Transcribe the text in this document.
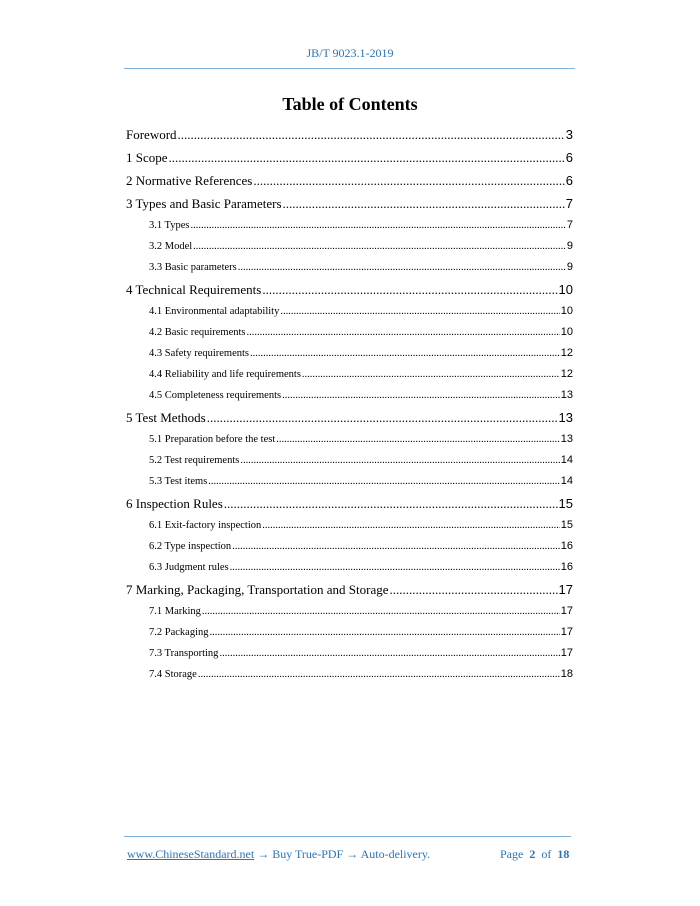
JB/T 9023.1-2019
Table of Contents
Foreword .....	3
1 Scope .....	6
2 Normative References .....	6
3 Types and Basic Parameters .....	7
3.1 Types .....	7
3.2 Model .....	9
3.3 Basic parameters .....	9
4 Technical Requirements .....	10
4.1 Environmental adaptability .....	10
4.2 Basic requirements .....	10
4.3 Safety requirements .....	12
4.4 Reliability and life requirements .....	12
4.5 Completeness requirements .....	13
5 Test Methods .....	13
5.1 Preparation before the test .....	13
5.2 Test requirements .....	14
5.3 Test items .....	14
6 Inspection Rules .....	15
6.1 Exit-factory inspection .....	15
6.2 Type inspection .....	16
6.3 Judgment rules .....	16
7 Marking, Packaging, Transportation and Storage .....	17
7.1 Marking .....	17
7.2 Packaging .....	17
7.3 Transporting .....	17
7.4 Storage .....	18
www.ChineseStandard.net → Buy True-PDF → Auto-delivery.	Page 2 of 18
